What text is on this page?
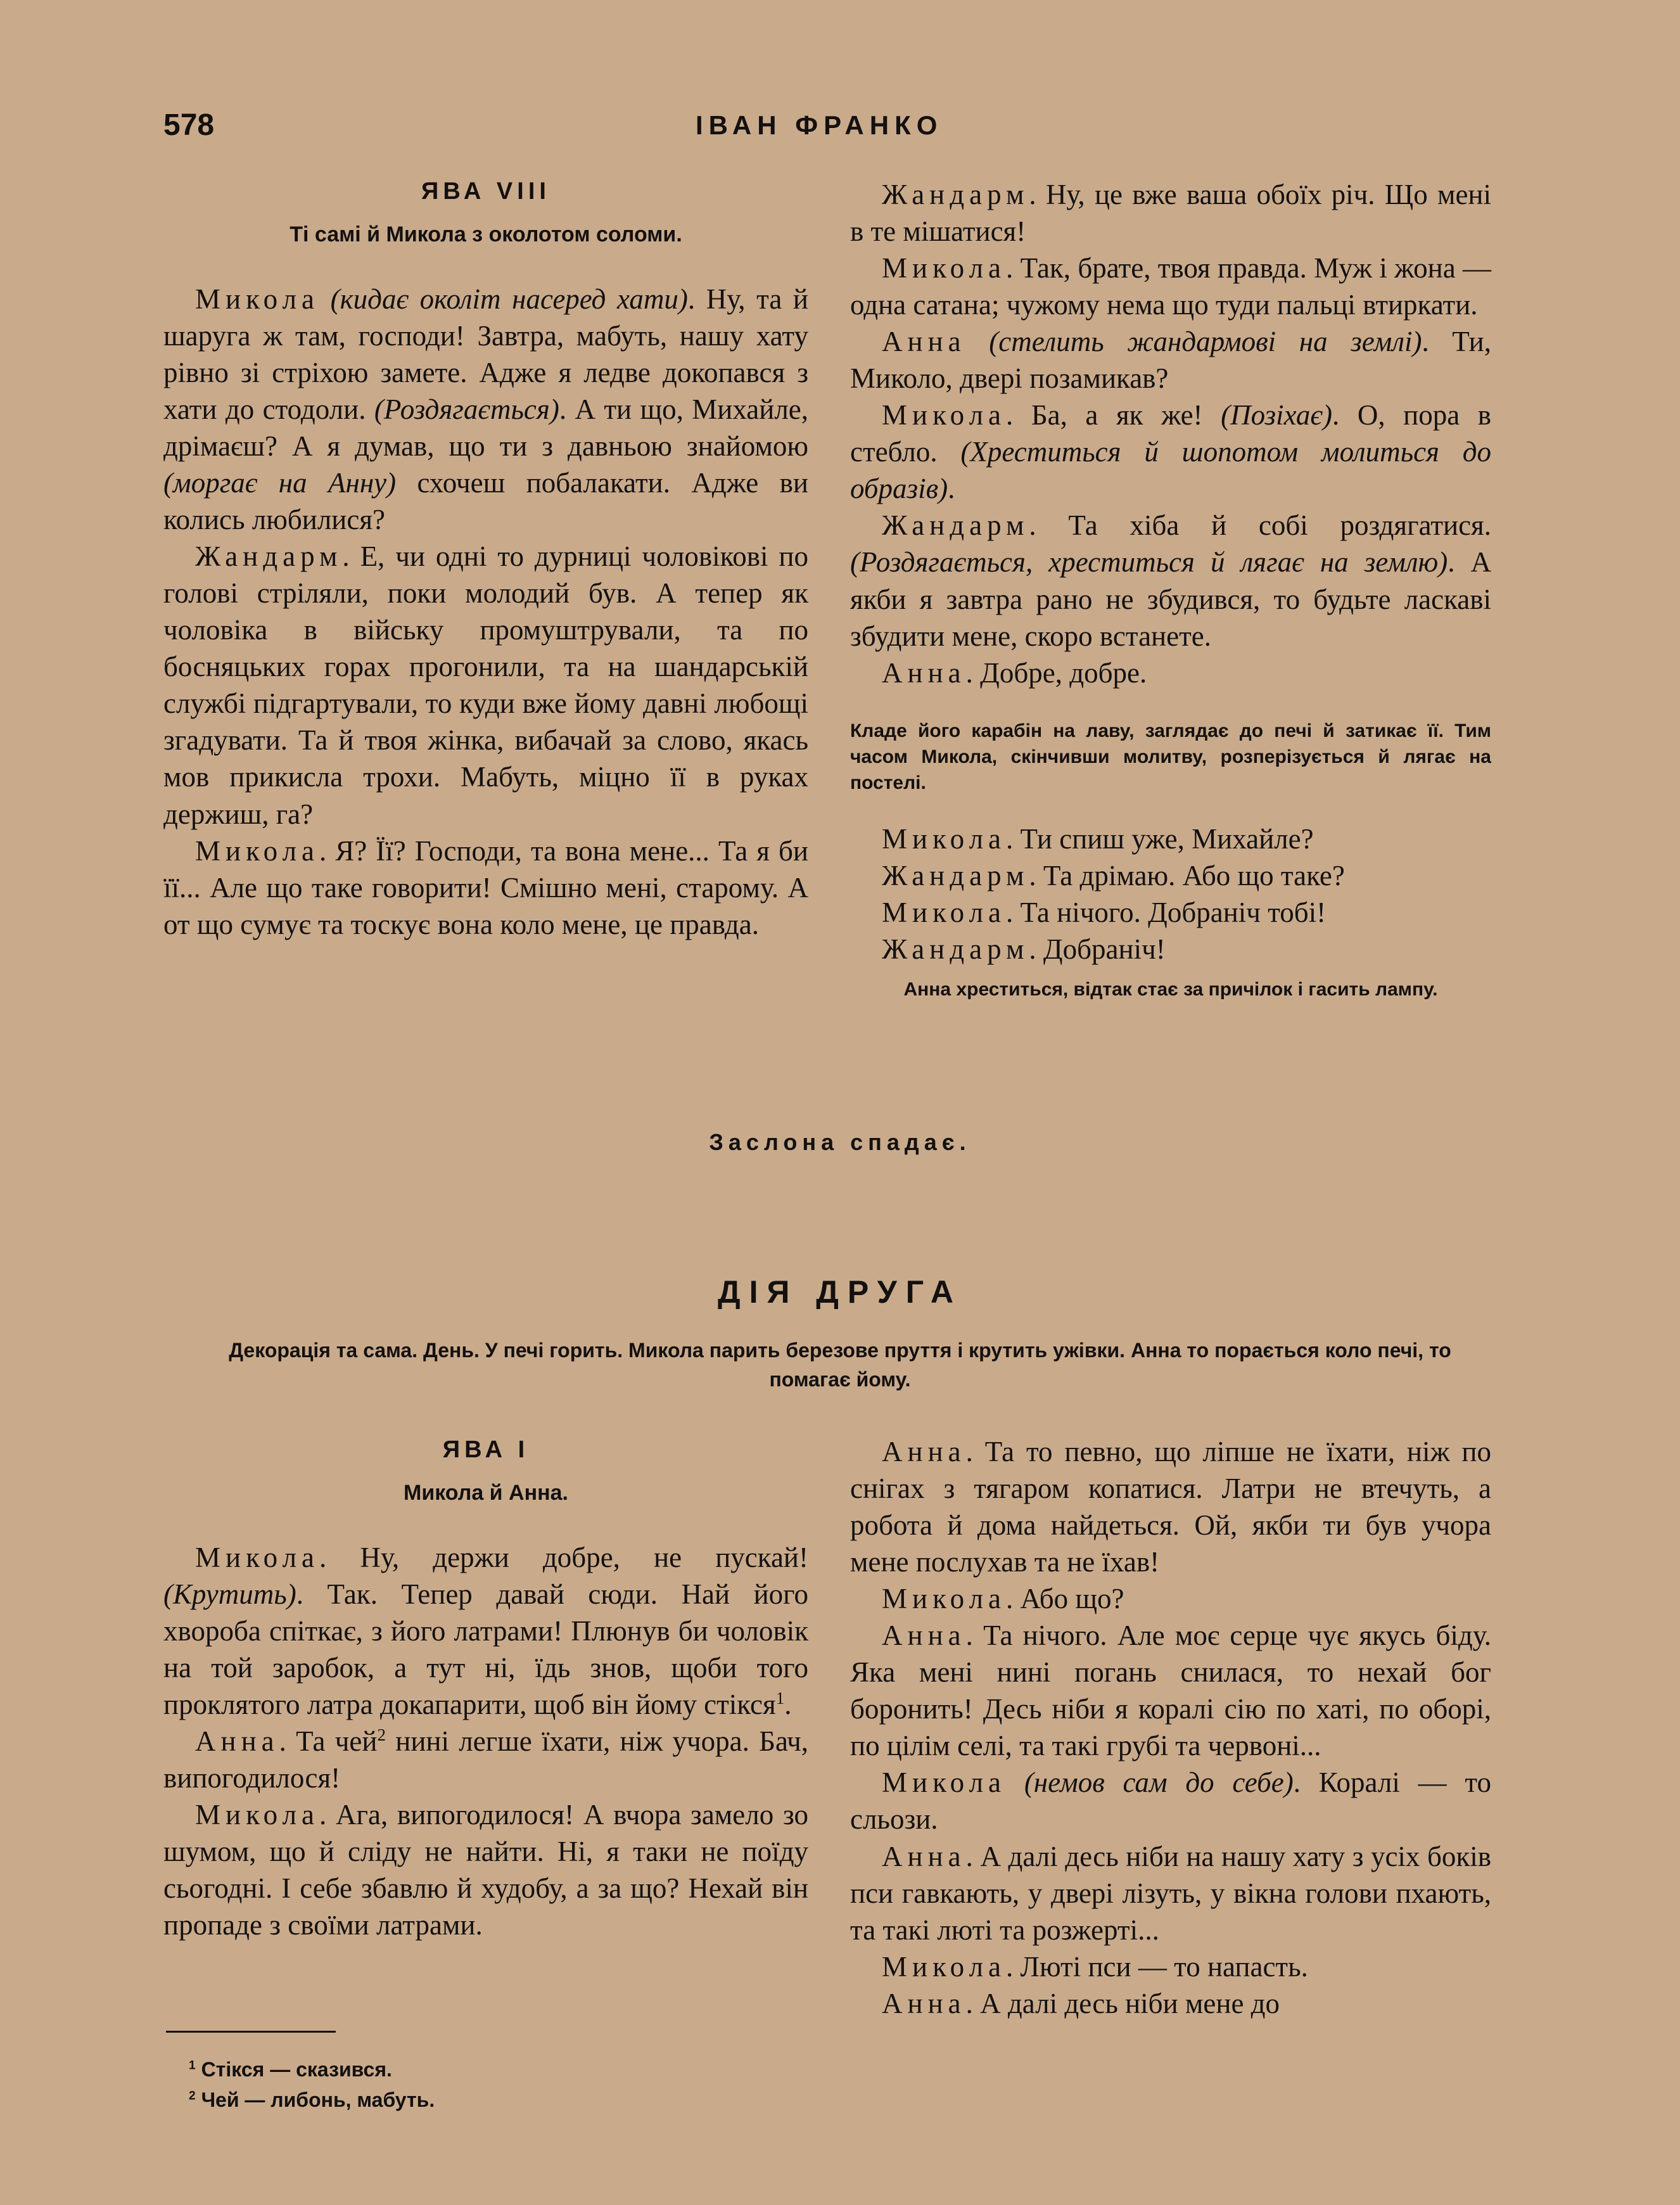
578	ІВАН ФРАНКО
ЯВА VIII
Ті самі й Микола з околотом соломи.

Микола (кидає околіт насеред хати). Ну, та й шаруга ж там, господи! Завтра, мабуть, нашу хату рівно зі стріхою замете. Адже я ледве докопався з хати до стодоли. (Роздягається). А ти що, Михайле, дрімаєш? А я думав, що ти з давньою знайомою (моргає на Анну) схочеш побалакати. Адже ви колись любилися?

Жандарм. Е, чи одні то дурниці чоловікові по голові стріляли, поки молодий був. А тепер як чоловіка в війську промуштрували, та по босняцьких горах прогонили, та на шандарській службі підгартували, то куди вже йому давні любощі згадувати. Та й твоя жінка, вибачай за слово, якась мов прикисла трохи. Мабуть, міцно її в руках держиш, га?

Микола. Я? Її? Господи, та вона мене... Та я би її... Але що таке говорити! Смішно мені, старому. А от що сумує та тоскує вона коло мене, це правда.

Жандарм. Ну, це вже ваша обоїх річ. Що мені в те мішатися!

Микола. Так, брате, твоя правда. Муж і жона — одна сатана; чужому нема що туди пальці втиркати.

Анна (стелить жандармові на землі). Ти, Миколо, двері позамикав?

Микола. Ба, а як же! (Позіхає). О, пора в стебло. (Хреститься й шопотом молиться до образів).

Жандарм. Та хіба й собі роздягатися. (Роздягається, хреститься й лягає на землю). А якби я завтра рано не збудився, то будьте ласкаві збудити мене, скоро встанете.

Анна. Добре, добре.

Кладе його карабін на лаву, заглядає до печі й затикає її. Тим часом Микола, скінчивши молитву, розперізується й лягає на постелі.

Микола. Ти спиш уже, Михайле?

Жандарм. Та дрімаю. Або що таке?

Микола. Та нічого. Добраніч тобі!

Жандарм. Добраніч!

Анна хреститься, відтак стає за причілок і гасить лампу.
Заслона спадає.
ДІЯ ДРУГА
Декорація та сама. День. У печі горить. Микола парить березове пруття і крутить ужівки. Анна то порається коло печі, то помагає йому.
ЯВА І
Микола й Анна.

Микола. Ну, держи добре, не пускай! (Крутить). Так. Тепер давай сюди. Най його хвороба спіткає, з його латрами! Плюнув би чоловік на той заробок, а тут ні, їдь знов, щоби того проклятого латра докапарити, щоб він йому стікся$^1$.

Анна. Та чей$^2$ нині легше їхати, ніж учора. Бач, випогодилося!

Микола. Ага, випогодилося! А вчора замело зо шумом, що й сліду не найти. Ні, я таки не поїду сьогодні. І себе збавлю й худобу, а за що? Нехай він пропаде з своїми латрами.

Анна. Та то певно, що ліпше не їхати, ніж по снігах з тягаром копатися. Латри не втечуть, а робота й дома найдеться. Ой, якби ти був учора мене послухав та не їхав!

Микола. Або що?

Анна. Та нічого. Але моє серце чує якусь біду. Яка мені нині погань снилася, то нехай бог боронить! Десь ніби я коралі сію по хаті, по оборі, по цілім селі, та такі грубі та червоні...

Микола (немов сам до себе). Коралі — то сльози.

Анна. А далі десь ніби на нашу хату з усіх боків пси гавкають, у двері лізуть, у вікна голови пхають, та такі люті та розжерті...

Микола. Люті пси — то напасть.

Анна. А далі десь ніби мене до

$^1$ Стікся — сказився.

$^2$ Чей — либонь, мабуть.
